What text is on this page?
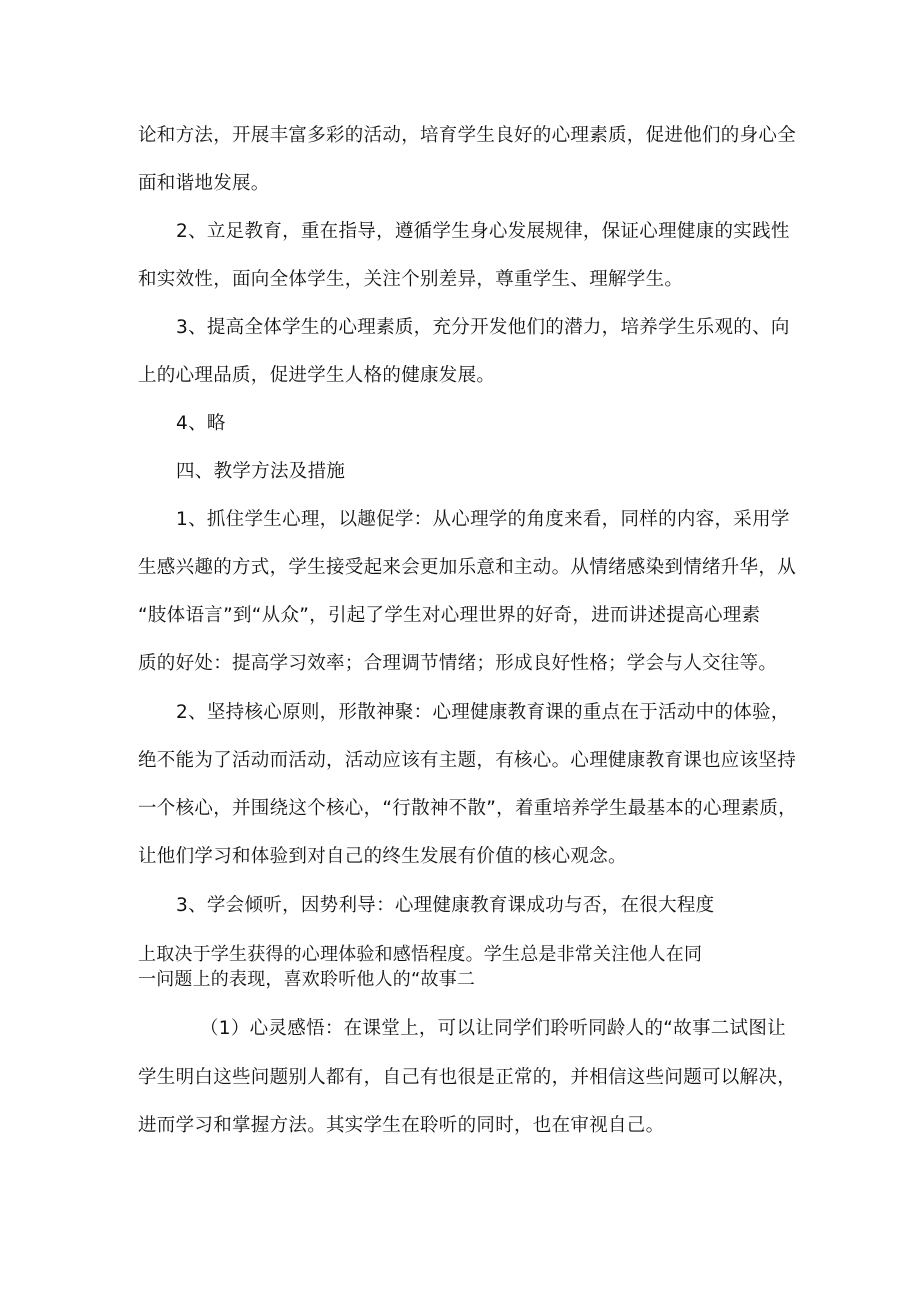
论和方法，开展丰富多彩的活动，培育学生良好的心理素质，促进他们的身心全

面和谐地发展。

2、立足教育，重在指导，遵循学生身心发展规律，保证心理健康的实践性

和实效性，面向全体学生，关注个别差异，尊重学生、理解学生。

3、提高全体学生的心理素质，充分开发他们的潜力，培养学生乐观的、向

上的心理品质，促进学生人格的健康发展。

4、略

四、教学方法及措施

1、抓住学生心理，以趣促学：从心理学的角度来看，同样的内容，采用学

生感兴趣的方式，学生接受起来会更加乐意和主动。从情绪感染到情绪升华，从

“肢体语言”到“从众”，引起了学生对心理世界的好奇，进而讲述提高心理素

质的好处：提高学习效率；合理调节情绪；形成良好性格；学会与人交往等。

2、坚持核心原则，形散神聚：心理健康教育课的重点在于活动中的体验，

绝不能为了活动而活动，活动应该有主题，有核心。心理健康教育课也应该坚持

一个核心，并围绕这个核心，“行散神不散”，着重培养学生最基本的心理素质，

让他们学习和体验到对自己的终生发展有价值的核心观念。

3、学会倾听，因势利导：心理健康教育课成功与否，在很大程度

上取决于学生获得的心理体验和感悟程度。学生总是非常关注他人在同

一问题上的表现，喜欢聆听他人的“故事二

（1）心灵感悟：在课堂上，可以让同学们聆听同龄人的“故事二试图让

学生明白这些问题别人都有，自己有也很是正常的，并相信这些问题可以解决，

进而学习和掌握方法。其实学生在聆听的同时，也在审视自己。
